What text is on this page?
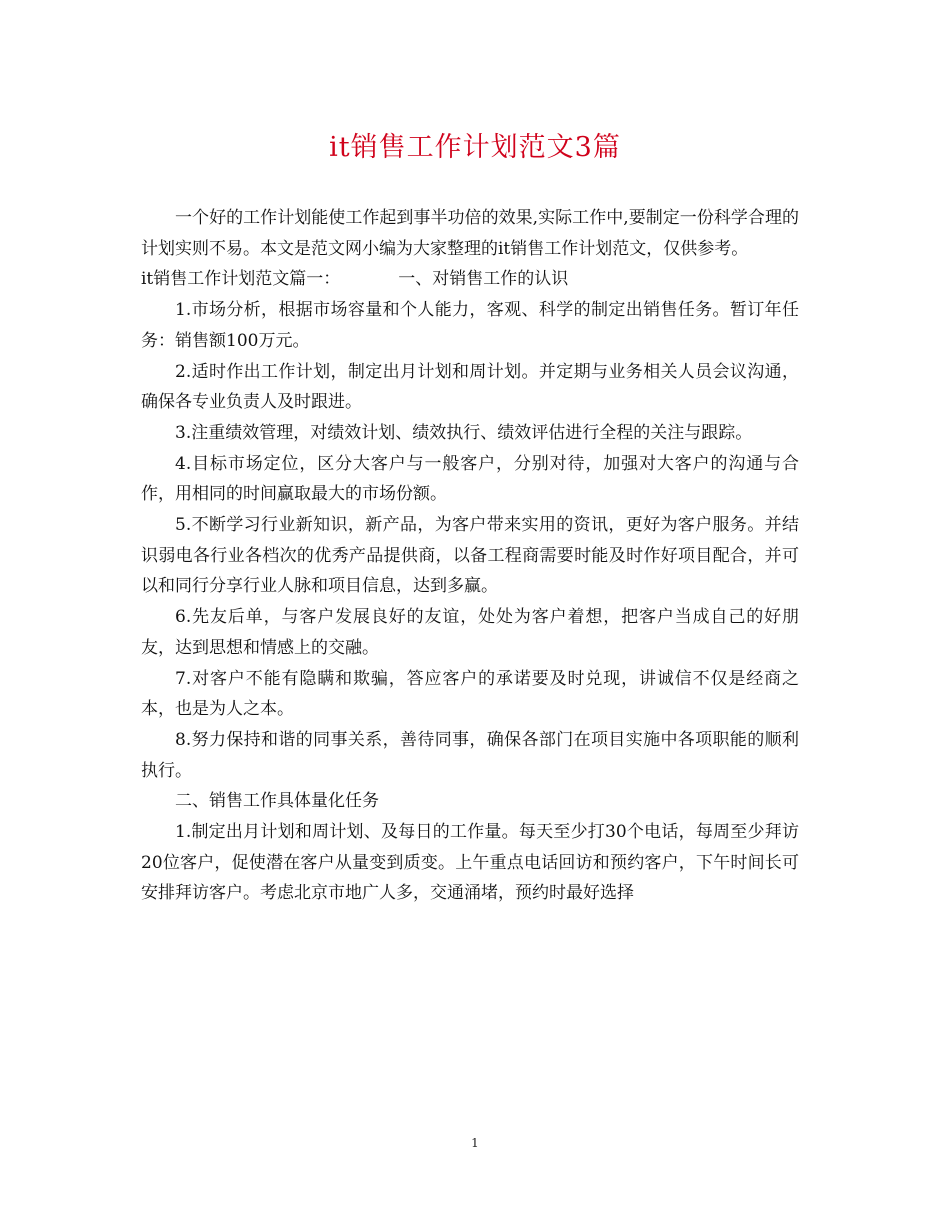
it销售工作计划范文3篇

一个好的工作计划能使工作起到事半功倍的效果,实际工作中,要制定一份科学合理的计划实则不易。本文是范文网小编为大家整理的it销售工作计划范文，仅供参考。

it销售工作计划范文篇一：	一、对销售工作的认识

1.市场分析，根据市场容量和个人能力，客观、科学的制定出销售任务。暂订年任务：销售额100万元。

2.适时作出工作计划，制定出月计划和周计划。并定期与业务相关人员会议沟通，确保各专业负责人及时跟进。

3.注重绩效管理，对绩效计划、绩效执行、绩效评估进行全程的关注与跟踪。

4.目标市场定位，区分大客户与一般客户，分别对待，加强对大客户的沟通与合作，用相同的时间赢取最大的市场份额。

5.不断学习行业新知识，新产品，为客户带来实用的资讯，更好为客户服务。并结识弱电各行业各档次的优秀产品提供商，以备工程商需要时能及时作好项目配合，并可以和同行分享行业人脉和项目信息，达到多赢。

6.先友后单，与客户发展良好的友谊，处处为客户着想，把客户当成自己的好朋友，达到思想和情感上的交融。

7.对客户不能有隐瞒和欺骗，答应客户的承诺要及时兑现，讲诚信不仅是经商之本，也是为人之本。

8.努力保持和谐的同事关系，善待同事，确保各部门在项目实施中各项职能的顺利执行。

二、销售工作具体量化任务

1.制定出月计划和周计划、及每日的工作量。每天至少打30个电话，每周至少拜访20位客户，促使潜在客户从量变到质变。上午重点电话回访和预约客户，下午时间长可安排拜访客户。考虑北京市地广人多，交通涌堵，预约时最好选择

1
